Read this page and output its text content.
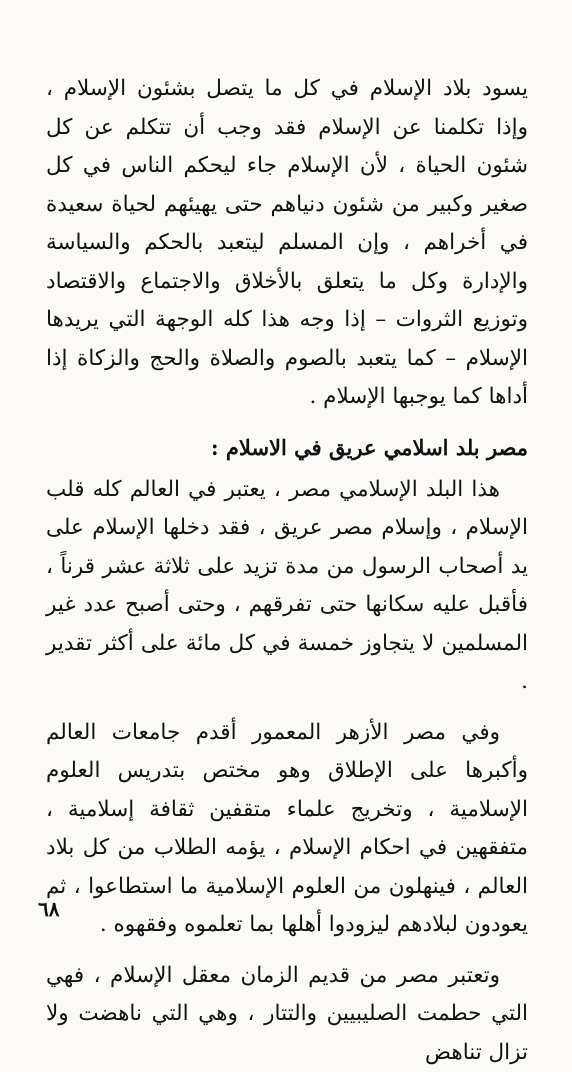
يسود بلاد الإسلام في كل ما يتصل بشئون الإسلام ، وإذا تكلمنا عن الإسلام فقد وجب أن تتكلم عن كل شئون الحياة ، لأن الإسلام جاء ليحكم الناس في كل صغير وكبير من شئون دنياهم حتى يهيئهم لحياة سعيدة في أخراهم ، وإن المسلم ليتعبد بالحكم والسياسة والإدارة وكل ما يتعلق بالأخلاق والاجتماع والاقتصاد وتوزيع الثروات – إذا وجه هذا كله الوجهة التي يريدها الإسلام – كما يتعبد بالصوم والصلاة والحج والزكاة إذا أداها كما يوجبها الإسلام .

مصر بلد اسلامي عريق في الاسلام :

هذا البلد الإسلامي مصر ، يعتبر في العالم كله قلب الإسلام ، وإسلام مصر عريق ، فقد دخلها الإسلام على يد أصحاب الرسول من مدة تزيد على ثلاثة عشر قرناً ، فأقبل عليه سكانها حتى تفرقهم ، وحتى أصبح عدد غير المسلمين لا يتجاوز خمسة في كل مائة على أكثر تقدير .

وفي مصر الأزهر المعمور أقدم جامعات العالم وأكبرها على الإطلاق وهو مختص بتدريس العلوم الإسلامية ، وتخريج علماء متقفين ثقافة إسلامية ، متفقهين في احكام الإسلام ، يؤمه الطلاب من كل بلاد العالم ، فينهلون من العلوم الإسلامية ما استطاعوا ، ثم يعودون لبلادهم ليزودوا أهلها بما تعلموه وفقهوه .

وتعتبر مصر من قديم الزمان معقل الإسلام ، فهي التي حطمت الصليبيين والتتار ، وهي التي ناهضت ولا تزال تناهض

٦٨
